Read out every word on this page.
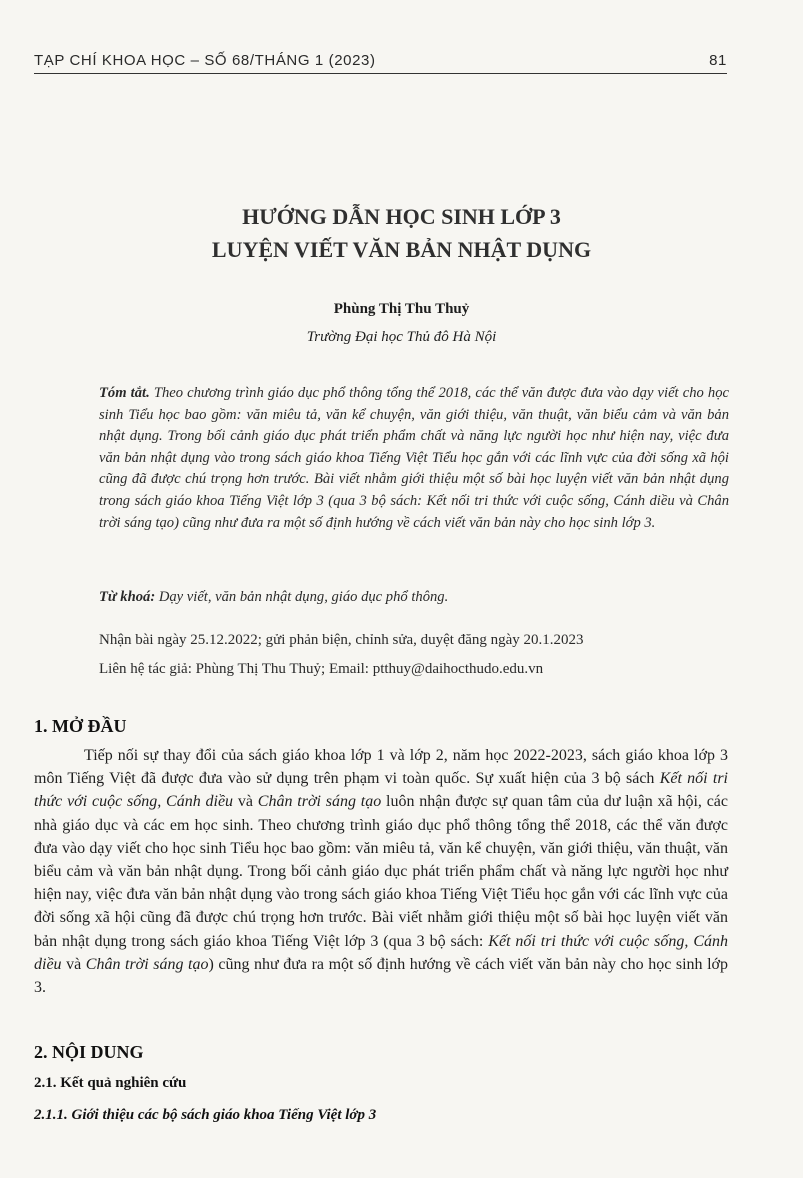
TẠP CHÍ KHOA HỌC – SỐ 68/THÁNG 1 (2023)	81
HƯỚNG DẪN HỌC SINH LỚP 3
LUYỆN VIẾT VĂN BẢN NHẬT DỤNG
Phùng Thị Thu Thuỷ
Trường Đại học Thủ đô Hà Nội
Tóm tắt. Theo chương trình giáo dục phổ thông tổng thể 2018, các thể văn được đưa vào dạy viết cho học sinh Tiểu học bao gồm: văn miêu tả, văn kể chuyện, văn giới thiệu, văn thuật, văn biểu cảm và văn bản nhật dụng. Trong bối cảnh giáo dục phát triển phẩm chất và năng lực người học như hiện nay, việc đưa văn bản nhật dụng vào trong sách giáo khoa Tiếng Việt Tiểu học gắn với các lĩnh vực của đời sống xã hội cũng đã được chú trọng hơn trước. Bài viết nhằm giới thiệu một số bài học luyện viết văn bản nhật dụng trong sách giáo khoa Tiếng Việt lớp 3 (qua 3 bộ sách: Kết nối tri thức với cuộc sống, Cánh diều và Chân trời sáng tạo) cũng như đưa ra một số định hướng về cách viết văn bản này cho học sinh lớp 3.
Từ khoá: Dạy viết, văn bản nhật dụng, giáo dục phổ thông.
Nhận bài ngày 25.12.2022; gửi phản biện, chỉnh sửa, duyệt đăng ngày 20.1.2023
Liên hệ tác giả: Phùng Thị Thu Thuỷ; Email: ptthuy@daihocthudo.edu.vn
1. MỞ ĐẦU
Tiếp nối sự thay đổi của sách giáo khoa lớp 1 và lớp 2, năm học 2022-2023, sách giáo khoa lớp 3 môn Tiếng Việt đã được đưa vào sử dụng trên phạm vi toàn quốc. Sự xuất hiện của 3 bộ sách Kết nối tri thức với cuộc sống, Cánh diều và Chân trời sáng tạo luôn nhận được sự quan tâm của dư luận xã hội, các nhà giáo dục và các em học sinh. Theo chương trình giáo dục phổ thông tổng thể 2018, các thể văn được đưa vào dạy viết cho học sinh Tiểu học bao gồm: văn miêu tả, văn kể chuyện, văn giới thiệu, văn thuật, văn biểu cảm và văn bản nhật dụng. Trong bối cảnh giáo dục phát triển phẩm chất và năng lực người học như hiện nay, việc đưa văn bản nhật dụng vào trong sách giáo khoa Tiếng Việt Tiểu học gắn với các lĩnh vực của đời sống xã hội cũng đã được chú trọng hơn trước. Bài viết nhằm giới thiệu một số bài học luyện viết văn bản nhật dụng trong sách giáo khoa Tiếng Việt lớp 3 (qua 3 bộ sách: Kết nối tri thức với cuộc sống, Cánh diều và Chân trời sáng tạo) cũng như đưa ra một số định hướng về cách viết văn bản này cho học sinh lớp 3.
2. NỘI DUNG
2.1. Kết quả nghiên cứu
2.1.1. Giới thiệu các bộ sách giáo khoa Tiếng Việt lớp 3
